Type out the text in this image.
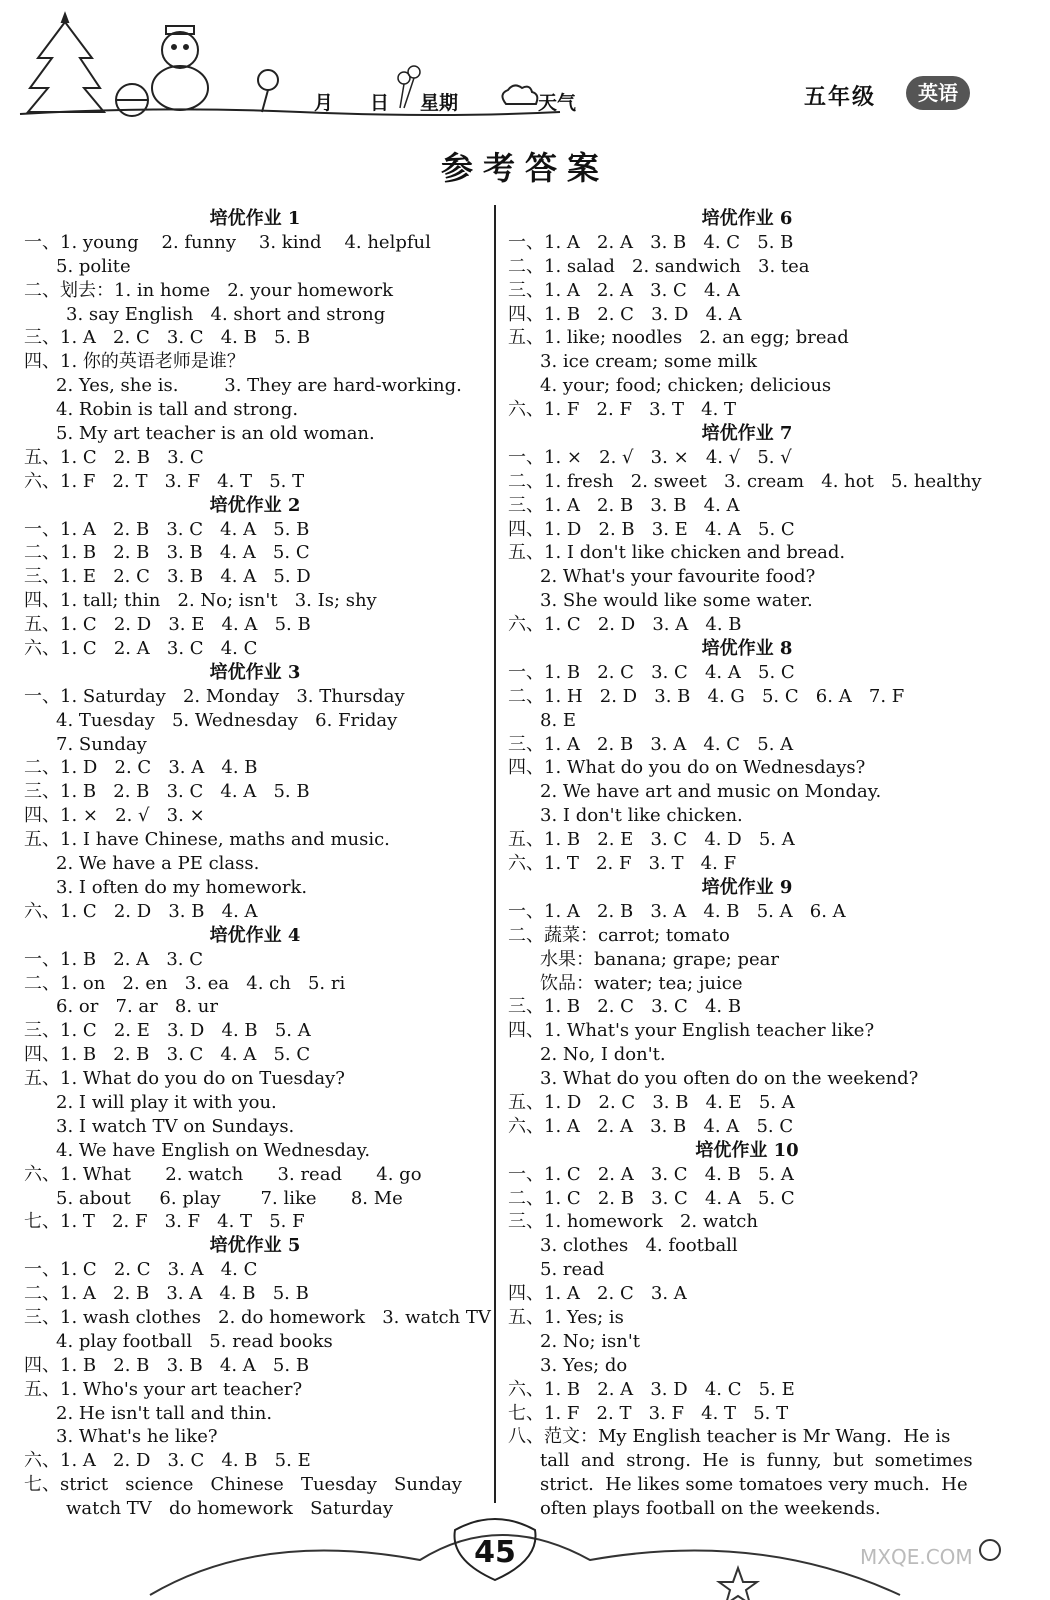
月 日 星期	天气	五年级	英语
参考答案
培优作业 1
一、1. young    2. funny    3. kind    4. helpful
5. polite
二、划去：1. in home   2. your homework
3. say English   4. short and strong
三、1. A   2. C   3. C   4. B   5. B
四、1. 你的英语老师是谁？
2. Yes, she is.        3. They are hard-working.
4. Robin is tall and strong.
5. My art teacher is an old woman.
五、1. C   2. B   3. C
六、1. F   2. T   3. F   4. T   5. T
培优作业 2
一、1. A   2. B   3. C   4. A   5. B
二、1. B   2. B   3. B   4. A   5. C
三、1. E   2. C   3. B   4. A   5. D
四、1. tall; thin   2. No; isn't   3. Is; shy
五、1. C   2. D   3. E   4. A   5. B
六、1. C   2. A   3. C   4. C
培优作业 3
一、1. Saturday   2. Monday   3. Thursday
4. Tuesday   5. Wednesday   6. Friday
7. Sunday
二、1. D   2. C   3. A   4. B
三、1. B   2. B   3. C   4. A   5. B
四、1. ×   2. √   3. ×
五、1. I have Chinese, maths and music.
2. We have a PE class.
3. I often do my homework.
六、1. C   2. D   3. B   4. A
培优作业 4
一、1. B   2. A   3. C
二、1. on   2. en   3. ea   4. ch   5. ri
6. or   7. ar   8. ur
三、1. C   2. E   3. D   4. B   5. A
四、1. B   2. B   3. C   4. A   5. C
五、1. What do you do on Tuesday?
2. I will play it with you.
3. I watch TV on Sundays.
4. We have English on Wednesday.
六、1. What      2. watch      3. read      4. go
5. about     6. play       7. like      8. Me
七、1. T   2. F   3. F   4. T   5. F
培优作业 5
一、1. C   2. C   3. A   4. C
二、1. A   2. B   3. A   4. B   5. B
三、1. wash clothes   2. do homework   3. watch TV
4. play football   5. read books
四、1. B   2. B   3. B   4. A   5. B
五、1. Who's your art teacher?
2. He isn't tall and thin.
3. What's he like?
六、1. A   2. D   3. C   4. B   5. E
七、strict   science   Chinese   Tuesday   Sunday
watch TV   do homework   Saturday
培优作业 6
一、1. A   2. A   3. B   4. C   5. B
二、1. salad   2. sandwich   3. tea
三、1. A   2. A   3. C   4. A
四、1. B   2. C   3. D   4. A
五、1. like; noodles   2. an egg; bread
3. ice cream; some milk
4. your; food; chicken; delicious
六、1. F   2. F   3. T   4. T
培优作业 7
一、1. ×   2. √   3. ×   4. √   5. √
二、1. fresh   2. sweet   3. cream   4. hot   5. healthy
三、1. A   2. B   3. B   4. A
四、1. D   2. B   3. E   4. A   5. C
五、1. I don't like chicken and bread.
2. What's your favourite food?
3. She would like some water.
六、1. C   2. D   3. A   4. B
培优作业 8
一、1. B   2. C   3. C   4. A   5. C
二、1. H   2. D   3. B   4. G   5. C   6. A   7. F
8. E
三、1. A   2. B   3. A   4. C   5. A
四、1. What do you do on Wednesdays?
2. We have art and music on Monday.
3. I don't like chicken.
五、1. B   2. E   3. C   4. D   5. A
六、1. T   2. F   3. T   4. F
培优作业 9
一、1. A   2. B   3. A   4. B   5. A   6. A
二、蔬菜：carrot; tomato
水果：banana; grape; pear
饮品：water; tea; juice
三、1. B   2. C   3. C   4. B
四、1. What's your English teacher like?
2. No, I don't.
3. What do you often do on the weekend?
五、1. D   2. C   3. B   4. E   5. A
六、1. A   2. A   3. B   4. A   5. C
培优作业 10
一、1. C   2. A   3. C   4. B   5. A
二、1. C   2. B   3. C   4. A   5. C
三、1. homework   2. watch
3. clothes   4. football
5. read
四、1. A   2. C   3. A
五、1. Yes; is
2. No; isn't
3. Yes; do
六、1. B   2. A   3. D   4. C   5. E
七、1. F   2. T   3. F   4. T   5. T
八、范文：My English teacher is Mr Wang.  He is
tall  and  strong.  He  is  funny,  but  sometimes
strict.  He likes some tomatoes very much.  He
often plays football on the weekends.
45	MXQE.COM
